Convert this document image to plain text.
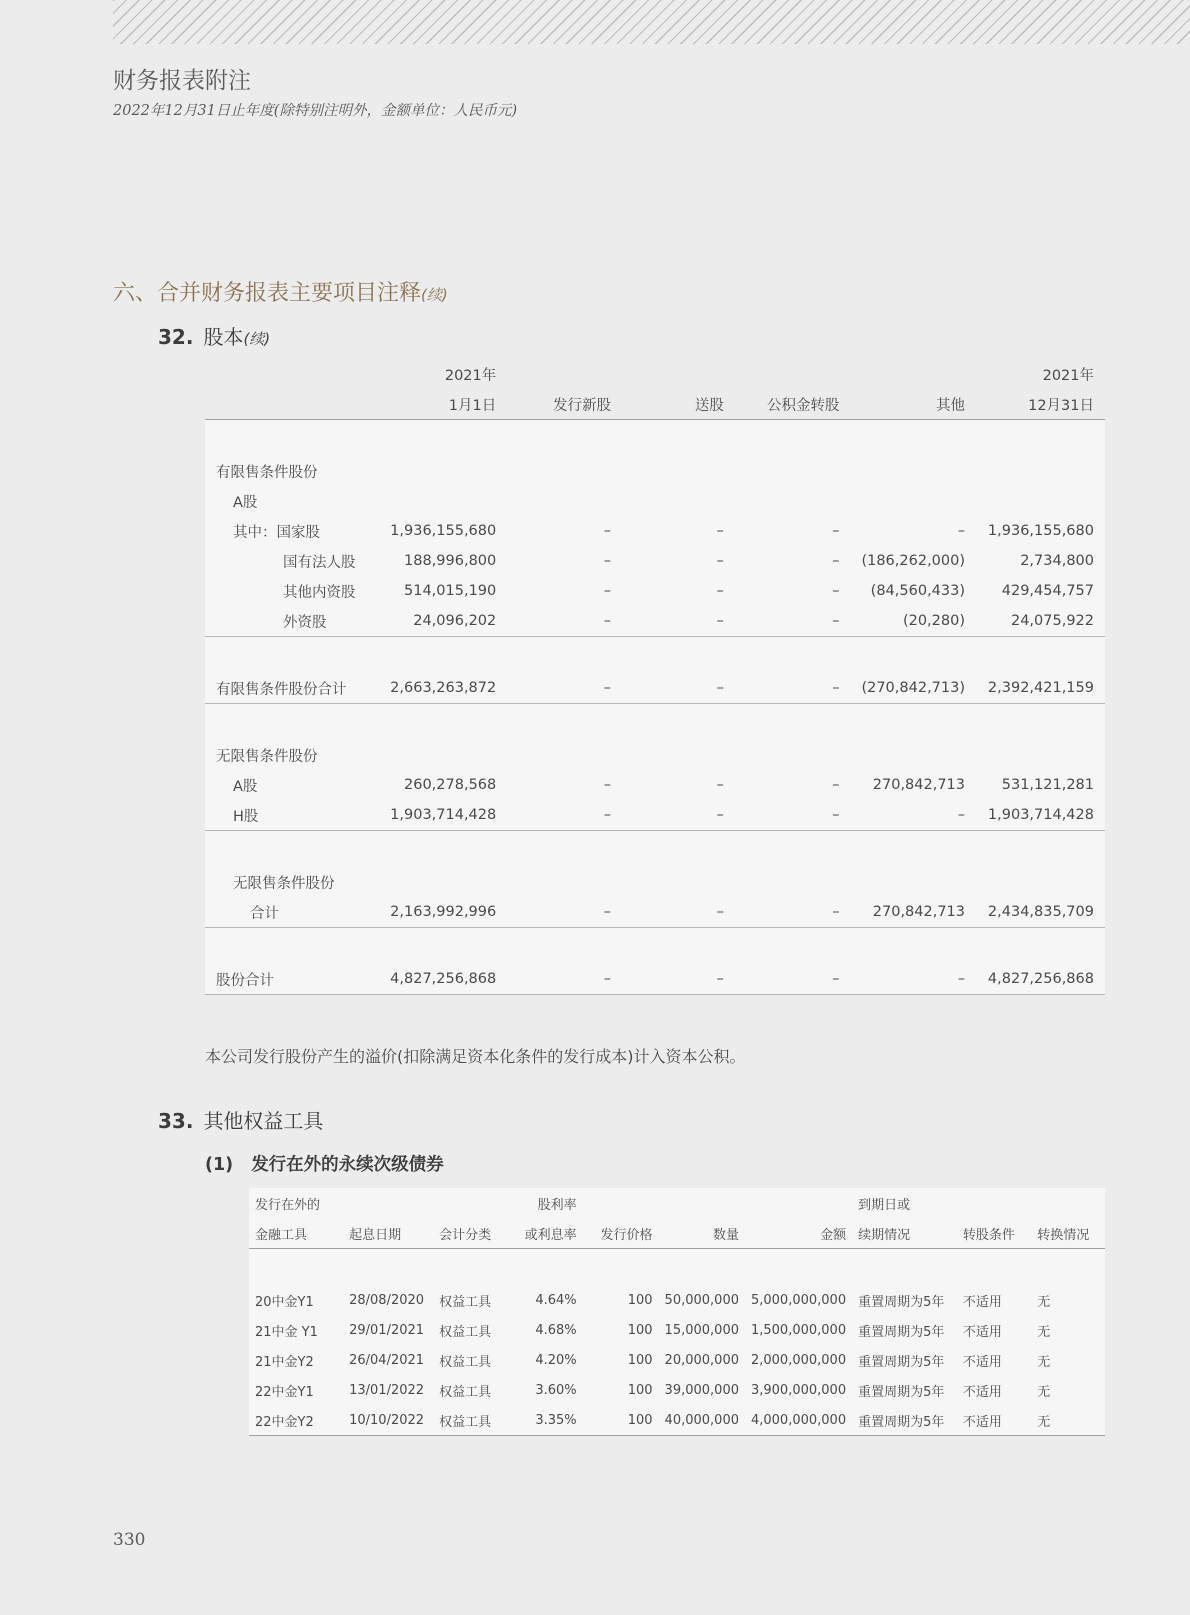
财务报表附注
2022年12月31日止年度(除特别注明外，金额单位：人民币元)
六、合并财务报表主要项目注释(续)
32. 股本(续)
	2021年					2021年
	1月1日	发行新股	送股	公积金转股	其他	12月31日

有限售条件股份						
A股						
其中：国家股	1,936,155,680	–	–	–	–	1,936,155,680
国有法人股	188,996,800	–	–	–	(186,262,000)	2,734,800
其他内资股	514,015,190	–	–	–	(84,560,433)	429,454,757
外资股	24,096,202	–	–	–	(20,280)	24,075,922

有限售条件股份合计	2,663,263,872	–	–	–	(270,842,713)	2,392,421,159

无限售条件股份						
A股	260,278,568	–	–	–	270,842,713	531,121,281
H股	1,903,714,428	–	–	–	–	1,903,714,428

无限售条件股份						
合计	2,163,992,996	–	–	–	270,842,713	2,434,835,709

股份合计	4,827,256,868	–	–	–	–	4,827,256,868
本公司发行股份产生的溢价(扣除满足资本化条件的发行成本)计入资本公积。
33. 其他权益工具
(1) 发行在外的永续次级债券
发行在外的			股利率				到期日或		
金融工具	起息日期	会计分类	或利息率	发行价格	数量	金额	续期情况	转股条件	转换情况

20中金Y1	28/08/2020	权益工具	4.64%	100	50,000,000	5,000,000,000	重置周期为5年	不适用	无
21中金 Y1	29/01/2021	权益工具	4.68%	100	15,000,000	1,500,000,000	重置周期为5年	不适用	无
21中金Y2	26/04/2021	权益工具	4.20%	100	20,000,000	2,000,000,000	重置周期为5年	不适用	无
22中金Y1	13/01/2022	权益工具	3.60%	100	39,000,000	3,900,000,000	重置周期为5年	不适用	无
22中金Y2	10/10/2022	权益工具	3.35%	100	40,000,000	4,000,000,000	重置周期为5年	不适用	无
330
